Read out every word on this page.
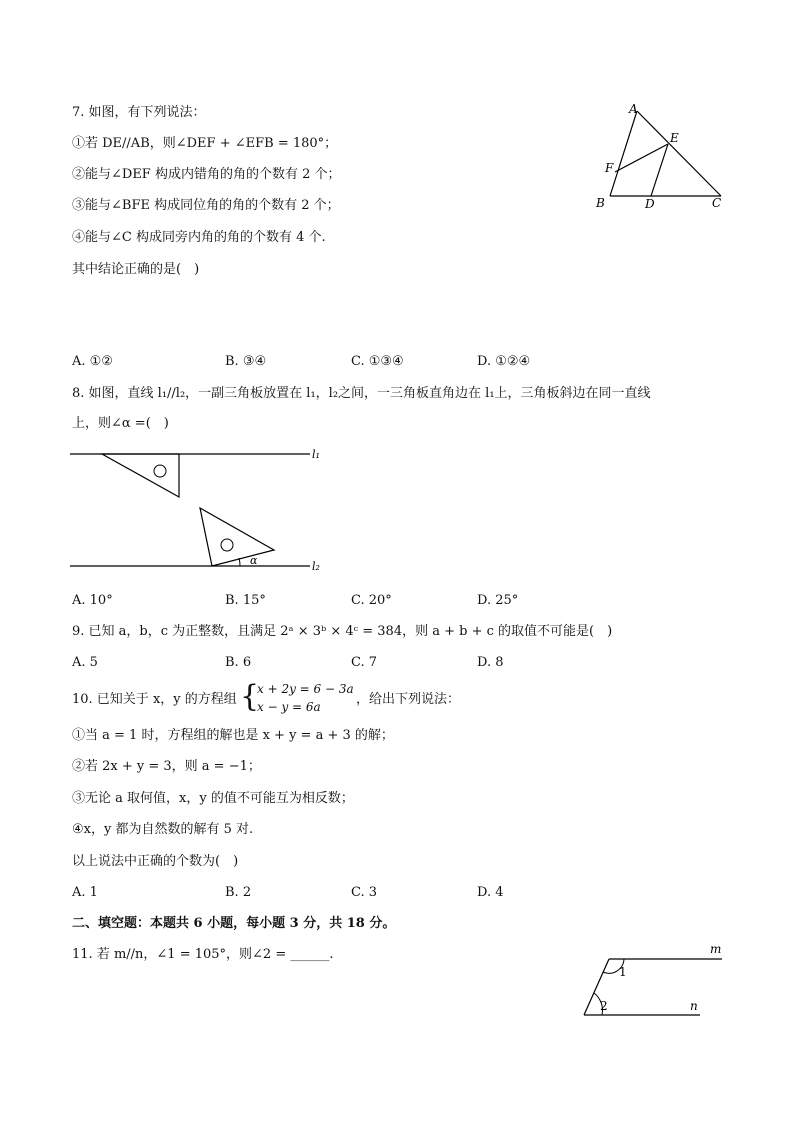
7. 如图，有下列说法：
①若 DE//AB，则∠DEF + ∠EFB = 180°；
②能与∠DEF 构成内错角的角的个数有 2 个；
③能与∠BFE 构成同位角的角的个数有 2 个；
④能与∠C 构成同旁内角的角的个数有 4 个.
其中结论正确的是(　)
A
E
F
B	D	C
A. ①②	B. ③④	C. ①③④	D. ①②④
8. 如图，直线 l₁//l₂，一副三角板放置在 l₁，l₂之间，一三角板直角边在 l₁上，三角板斜边在同一直线
上，则∠α =(　)
α
l₁
l₂
A. 10°	B. 15°	C. 20°	D. 25°
9. 已知 a，b，c 为正整数，且满足 2ᵃ × 3ᵇ × 4ᶜ = 384，则 a + b + c 的取值不可能是(　)
A. 5	B. 6	C. 7	D. 8
10. 已知关于 x，y 的方程组 {
x + 2y = 6 − 3a
x − y = 6a	，给出下列说法：
①当 a = 1 时，方程组的解也是 x + y = a + 3 的解；
②若 2x + y = 3，则 a = −1；
③无论 a 取何值，x，y 的值不可能互为相反数；
④x，y 都为自然数的解有 5 对.
以上说法中正确的个数为(　)
A. 1	B. 2	C. 3	D. 4
二、填空题：本题共 6 小题，每小题 3 分，共 18 分。
11. 若 m//n，∠1 = 105°，则∠2 = ______.
1
2
m
n
